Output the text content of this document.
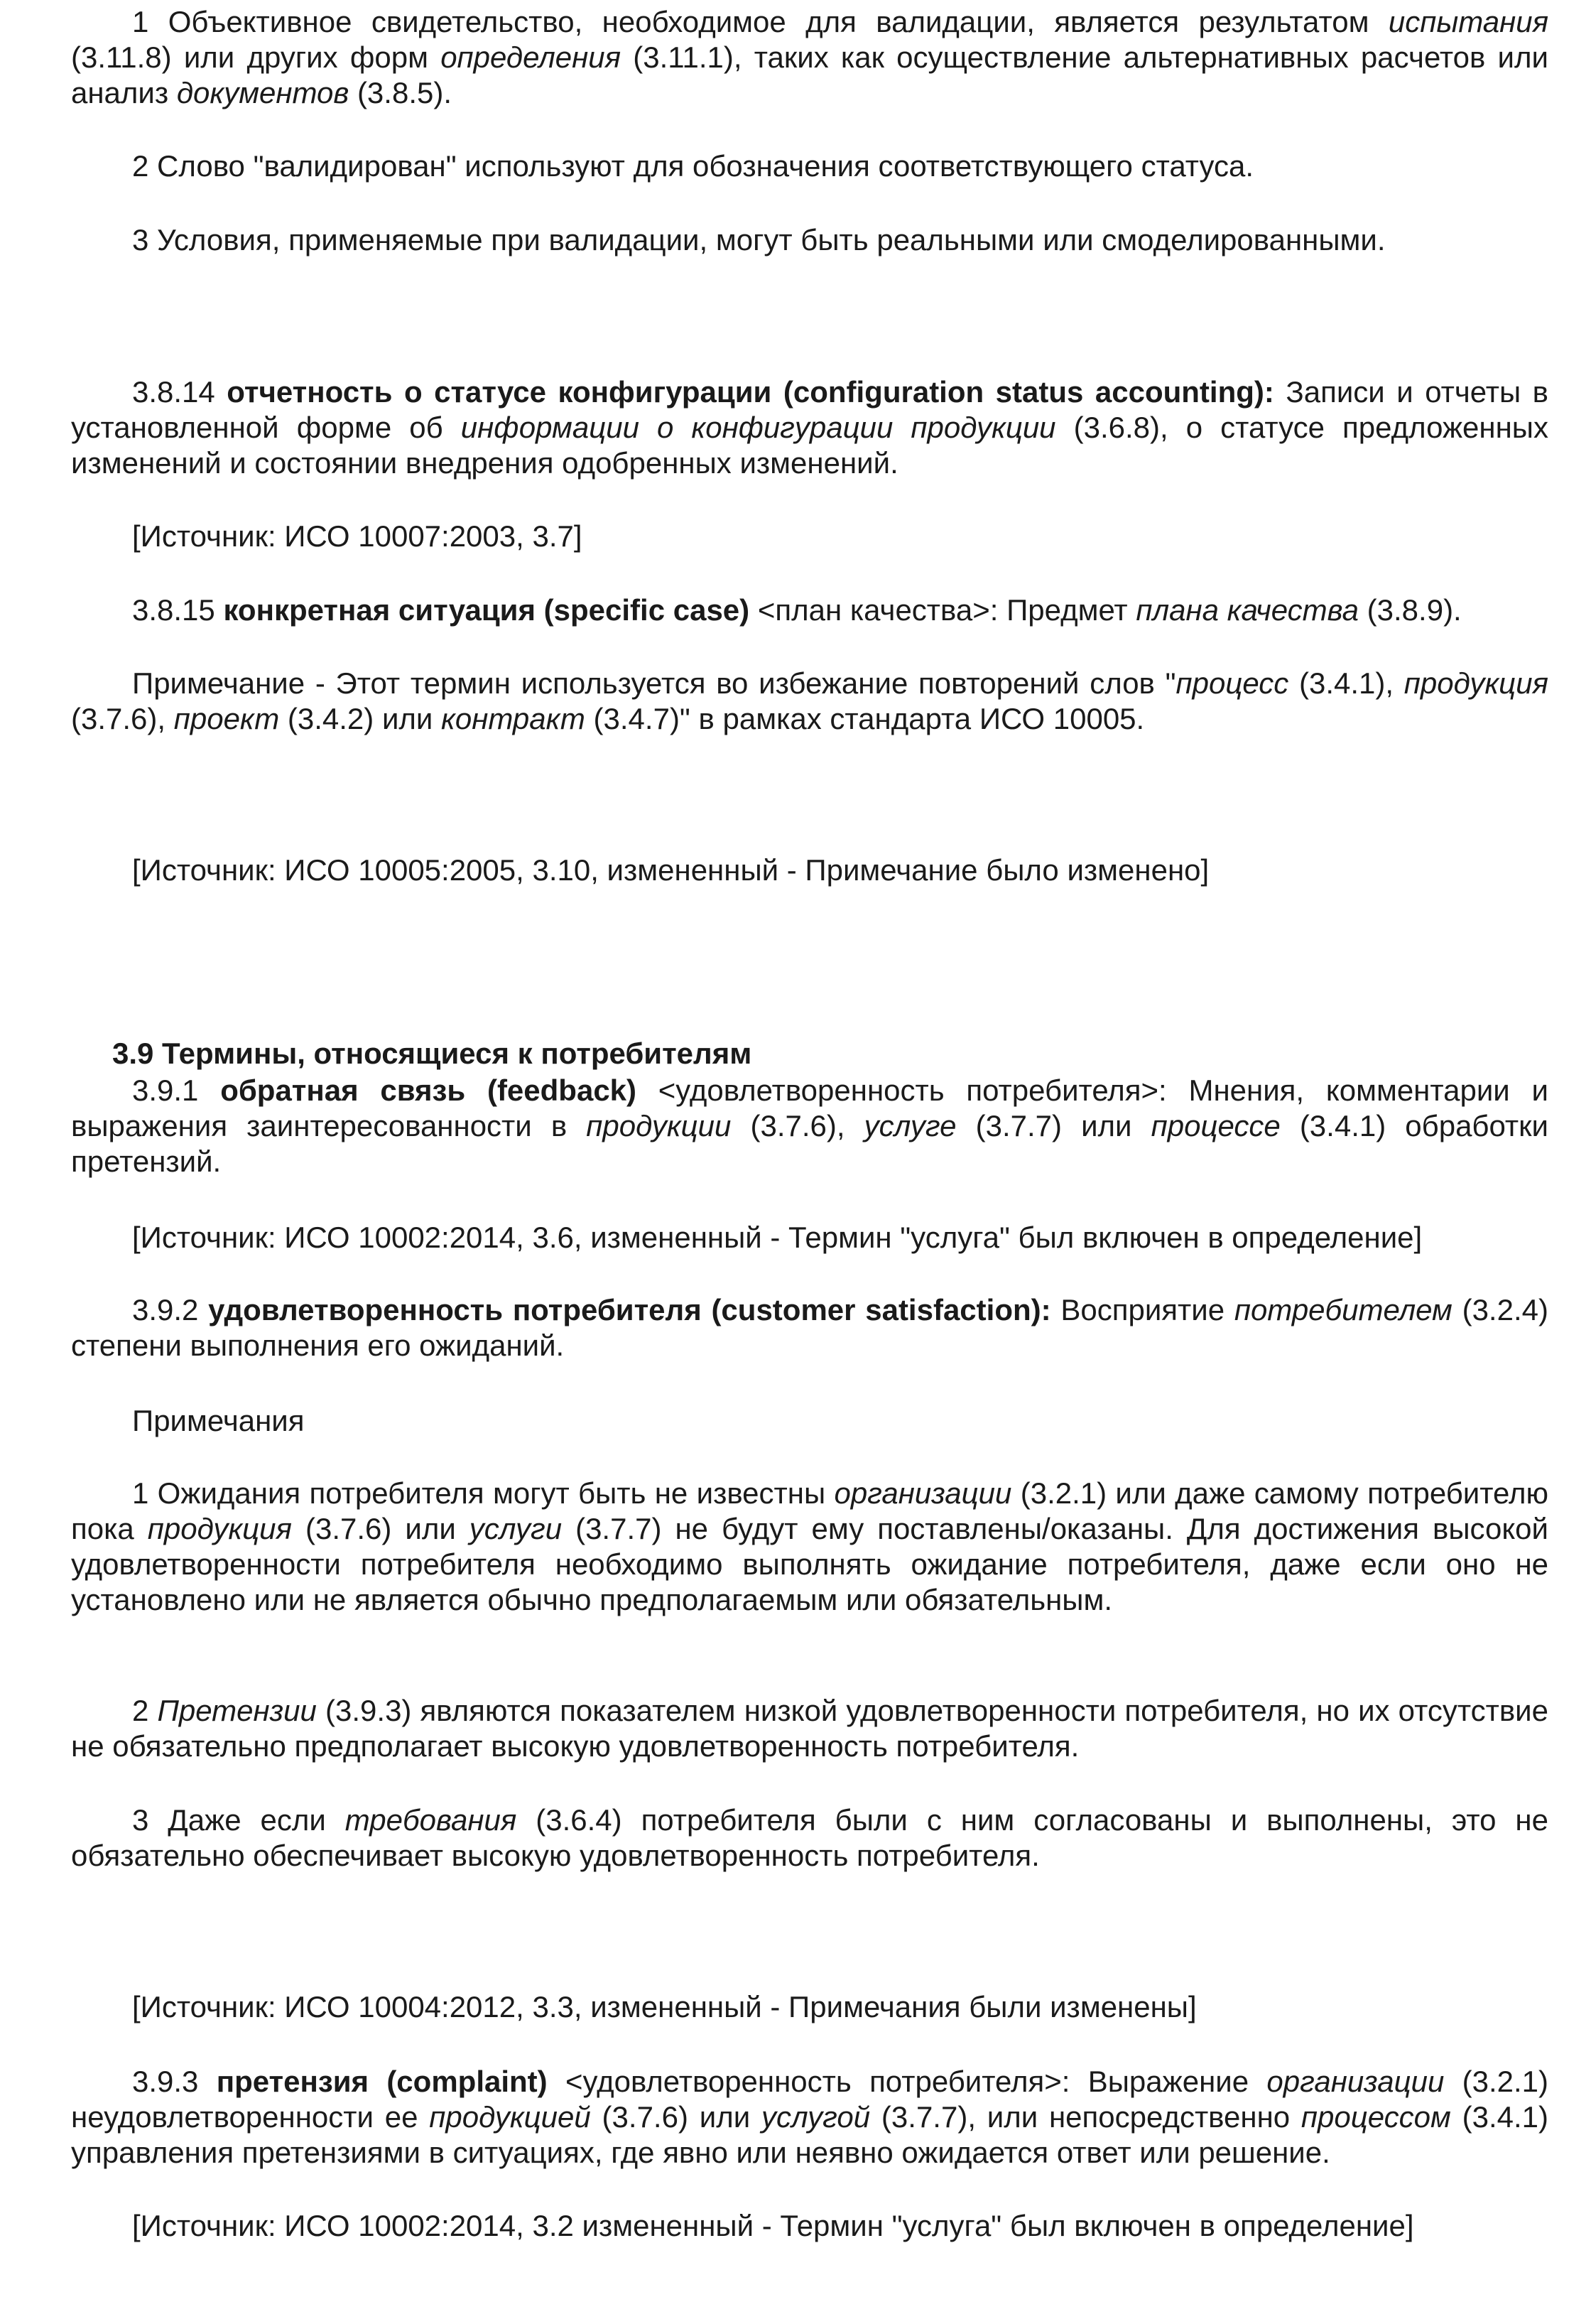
1 Объективное свидетельство, необходимое для валидации, является результатом испытания (3.11.8) или других форм определения (3.11.1), таких как осуществление альтернативных расчетов или анализ документов (3.8.5).

2 Слово "валидирован" используют для обозначения соответствующего статуса.

3 Условия, применяемые при валидации, могут быть реальными или смоделированными.

3.8.14 отчетность о статусе конфигурации (configuration status accounting): Записи и отчеты в установленной форме об информации о конфигурации продукции (3.6.8), о статусе предложенных изменений и состоянии внедрения одобренных изменений.

[Источник: ИСО 10007:2003, 3.7]

3.8.15 конкретная ситуация (specific case) <план качества>: Предмет плана качества (3.8.9).

Примечание - Этот термин используется во избежание повторений слов "процесс (3.4.1), продукция (3.7.6), проект (3.4.2) или контракт (3.4.7)" в рамках стандарта ИСО 10005.

[Источник: ИСО 10005:2005, 3.10, измененный - Примечание было изменено]

3.9 Термины, относящиеся к потребителям

3.9.1 обратная связь (feedback) <удовлетворенность потребителя>: Мнения, комментарии и выражения заинтересованности в продукции (3.7.6), услуге (3.7.7) или процессе (3.4.1) обработки претензий.

[Источник: ИСО 10002:2014, 3.6, измененный - Термин "услуга" был включен в определение]

3.9.2 удовлетворенность потребителя (customer satisfaction): Восприятие потребителем (3.2.4) степени выполнения его ожиданий.

Примечания

1 Ожидания потребителя могут быть не известны организации (3.2.1) или даже самому потребителю пока продукция (3.7.6) или услуги (3.7.7) не будут ему поставлены/оказаны. Для достижения высокой удовлетворенности потребителя необходимо выполнять ожидание потребителя, даже если оно не установлено или не является обычно предполагаемым или обязательным.

2 Претензии (3.9.3) являются показателем низкой удовлетворенности потребителя, но их отсутствие не обязательно предполагает высокую удовлетворенность потребителя.

3 Даже если требования (3.6.4) потребителя были с ним согласованы и выполнены, это не обязательно обеспечивает высокую удовлетворенность потребителя.

[Источник: ИСО 10004:2012, 3.3, измененный - Примечания были изменены]

3.9.3 претензия (complaint) <удовлетворенность потребителя>: Выражение организации (3.2.1) неудовлетворенности ее продукцией (3.7.6) или услугой (3.7.7), или непосредственно процессом (3.4.1) управления претензиями в ситуациях, где явно или неявно ожидается ответ или решение.

[Источник: ИСО 10002:2014, 3.2 измененный - Термин "услуга" был включен в определение]
